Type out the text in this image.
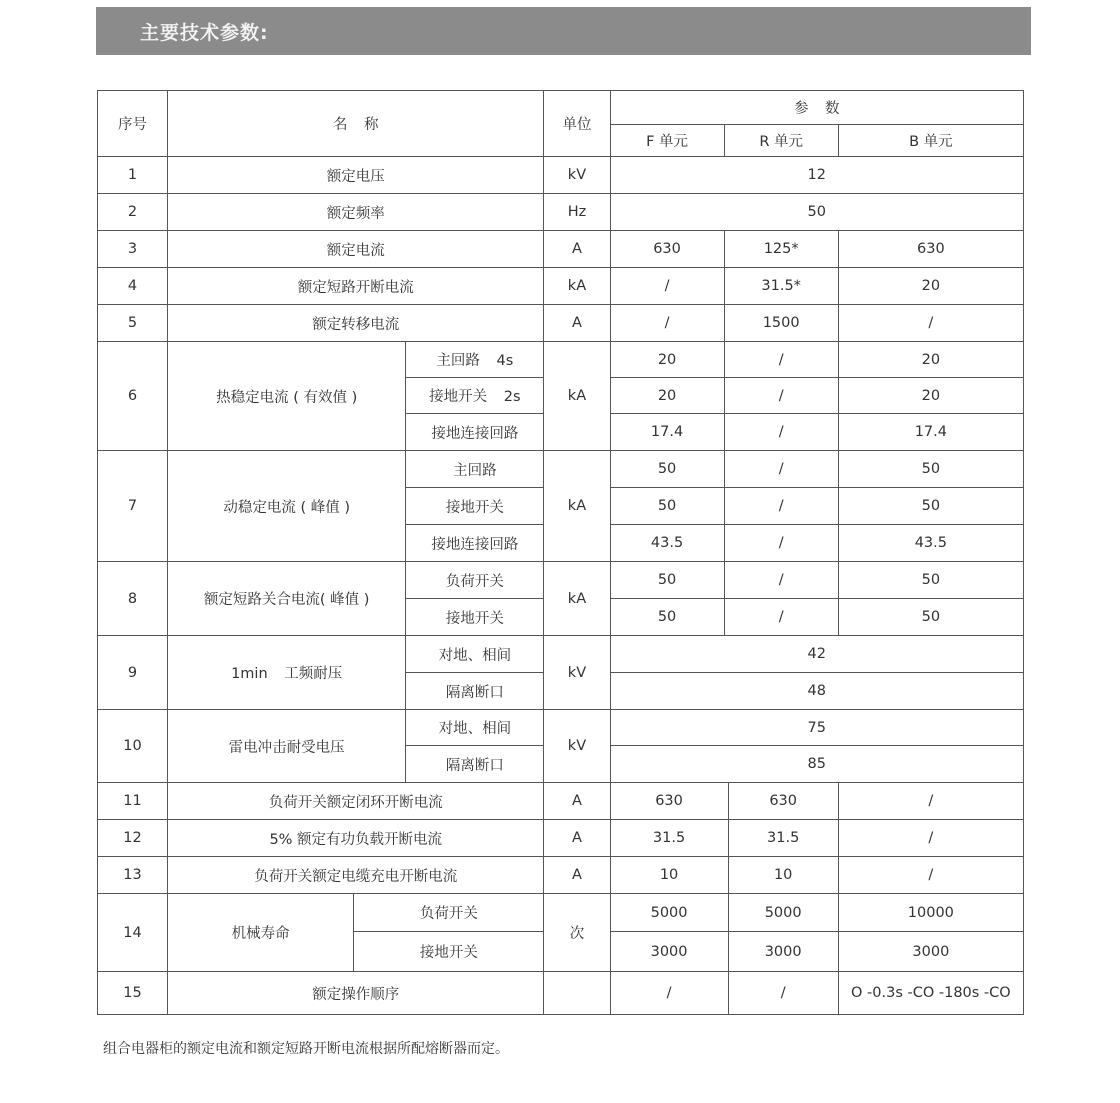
主要技术参数:
序号	名 称			单位	参 数			
					F 单元	R 单元		B 单元
1	额定电压			kV	12			
2	额定频率			Hz	50			
3	额定电流			A	630	125*		630
4	额定短路开断电流			kA	/	31.5*		20
5	额定转移电流			A	/	1500		/
6	热稳定电流 ( 有效值 )		主回路 4s	kA	20	/		20
			接地开关 2s		20	/		20
			接地连接回路		17.4	/		17.4
7	动稳定电流 ( 峰值 )		主回路	kA	50	/		50
			接地开关		50	/		50
			接地连接回路		43.5	/		43.5
8	额定短路关合电流( 峰值 )		负荷开关	kA	50	/		50
			接地开关		50	/		50
9	1min 工频耐压		对地、相间	kV	42			
			隔离断口		48			
10	雷电冲击耐受电压		对地、相间	kV	75			
			隔离断口		85			
11	负荷开关额定闭环开断电流			A	630		630	/
12	5% 额定有功负载开断电流			A	31.5		31.5	/
13	负荷开关额定电缆充电开断电流			A	10		10	/
14	机械寿命	负荷开关		次	5000		5000	10000
		接地开关			3000		3000	3000
15	额定操作顺序				/		/	O -0.3s -CO -180s -CO
组合电器柜的额定电流和额定短路开断电流根据所配熔断器而定。
